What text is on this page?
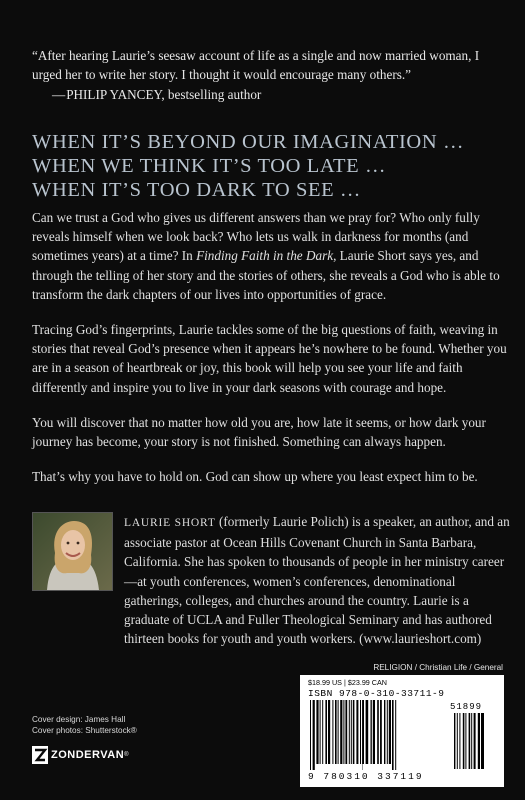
“After hearing Laurie’s seesaw account of life as a single and now married woman, I urged her to write her story. I thought it would encourage many others.”
—PHILIP YANCEY, bestselling author
WHEN IT’S BEYOND OUR IMAGINATION …
WHEN WE THINK IT’S TOO LATE …
WHEN IT’S TOO DARK TO SEE …

Can we trust a God who gives us different answers than we pray for? Who only fully reveals himself when we look back? Who lets us walk in darkness for months (and sometimes years) at a time? In Finding Faith in the Dark, Laurie Short says yes, and through the telling of her story and the stories of others, she reveals a God who is able to transform the dark chapters of our lives into opportunities of grace.

Tracing God’s fingerprints, Laurie tackles some of the big questions of faith, weaving in stories that reveal God’s presence when it appears he’s nowhere to be found. Whether you are in a season of heartbreak or joy, this book will help you see your life and faith differently and inspire you to live in your dark seasons with courage and hope.

You will discover that no matter how old you are, how late it seems, or how dark your journey has become, your story is not finished. Something can always happen.

That’s why you have to hold on. God can show up where you least expect him to be.

LAURIE SHORT (formerly Laurie Polich) is a speaker, an author, and an associate pastor at Ocean Hills Covenant Church in Santa Barbara, California. She has spoken to thousands of people in her ministry career—at youth conferences, women’s conferences, denominational gatherings, colleges, and churches around the country. Laurie is a graduate of UCLA and Fuller Theological Seminary and has authored thirteen books for youth and youth workers. (www.laurieshort.com)
RELIGION / Christian Life / General
$18.99 US | $23.99 CAN
ISBN 978-0-310-33711-9
51899
9 780310 337119
Cover design: James Hall
Cover photos: Shutterstock®
ZONDERVAN ®
